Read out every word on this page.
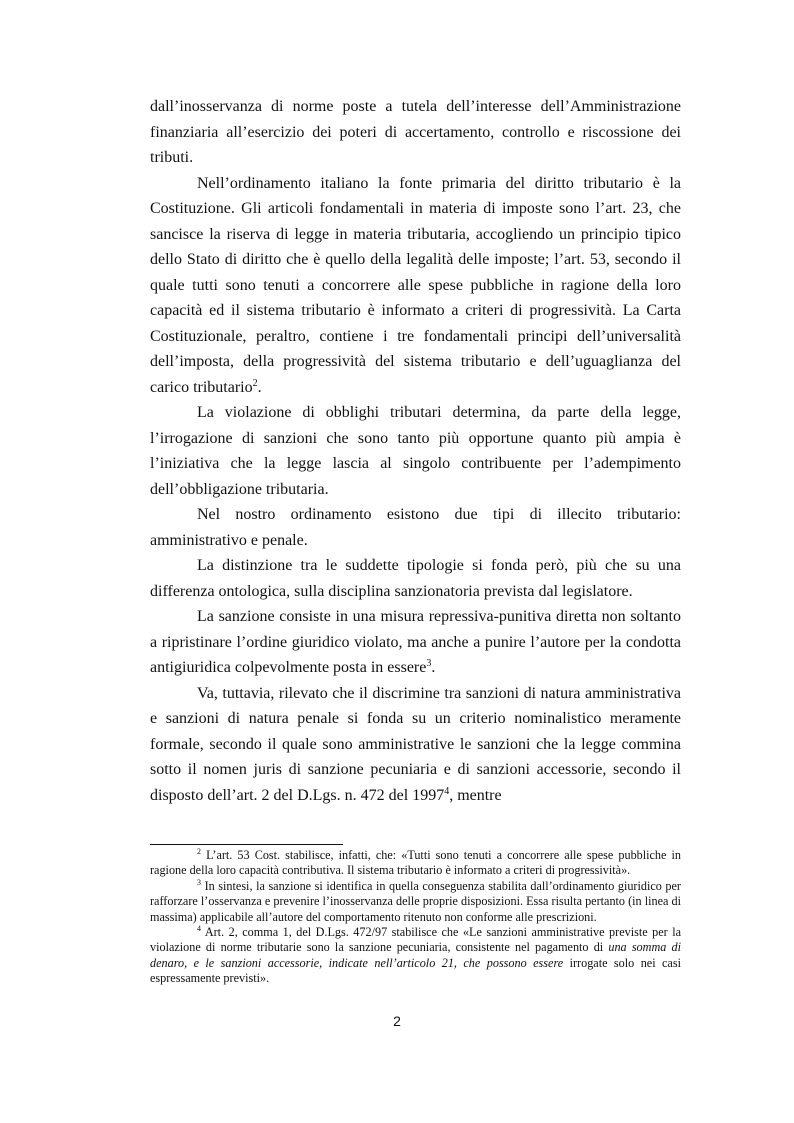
dall’inosservanza di norme poste a tutela dell’interesse dell’Amministrazione finanziaria all’esercizio dei poteri di accertamento, controllo e riscossione dei tributi.

Nell’ordinamento italiano la fonte primaria del diritto tributario è la Costituzione. Gli articoli fondamentali in materia di imposte sono l’art. 23, che sancisce la riserva di legge in materia tributaria, accogliendo un principio tipico dello Stato di diritto che è quello della legalità delle imposte; l’art. 53, secondo il quale tutti sono tenuti a concorrere alle spese pubbliche in ragione della loro capacità ed il sistema tributario è informato a criteri di progressività. La Carta Costituzionale, peraltro, contiene i tre fondamentali principi dell’universalità dell’imposta, della progressività del sistema tributario e dell’uguaglianza del carico tributario$^2$.

La violazione di obblighi tributari determina, da parte della legge, l’irrogazione di sanzioni che sono tanto più opportune quanto più ampia è l’iniziativa che la legge lascia al singolo contribuente per l’adempimento dell’obbligazione tributaria.

Nel nostro ordinamento esistono due tipi di illecito tributario: amministrativo e penale.

La distinzione tra le suddette tipologie si fonda però, più che su una differenza ontologica, sulla disciplina sanzionatoria prevista dal legislatore.

La sanzione consiste in una misura repressiva-punitiva diretta non soltanto a ripristinare l’ordine giuridico violato, ma anche a punire l’autore per la condotta antigiuridica colpevolmente posta in essere$^3$.

Va, tuttavia, rilevato che il discrimine tra sanzioni di natura amministrativa e sanzioni di natura penale si fonda su un criterio nominalistico meramente formale, secondo il quale sono amministrative le sanzioni che la legge commina sotto il nomen juris di sanzione pecuniaria e di sanzioni accessorie, secondo il disposto dell’art. 2 del D.Lgs. n. 472 del 1997$^4$, mentre

$^2$ L’art. 53 Cost. stabilisce, infatti, che: «Tutti sono tenuti a concorrere alle spese pubbliche in ragione della loro capacità contributiva. Il sistema tributario è informato a criteri di progressività».

$^3$ In sintesi, la sanzione si identifica in quella conseguenza stabilita dall’ordinamento giuridico per rafforzare l’osservanza e prevenire l’inosservanza delle proprie disposizioni. Essa risulta pertanto (in linea di massima) applicabile all’autore del comportamento ritenuto non conforme alle prescrizioni.

$^4$ Art. 2, comma 1, del D.Lgs. 472/97 stabilisce che «Le sanzioni amministrative previste per la violazione di norme tributarie sono la sanzione pecuniaria, consistente nel pagamento di una somma di denaro, e le sanzioni accessorie, indicate nell’articolo 21, che possono essere irrogate solo nei casi espressamente previsti».

2
